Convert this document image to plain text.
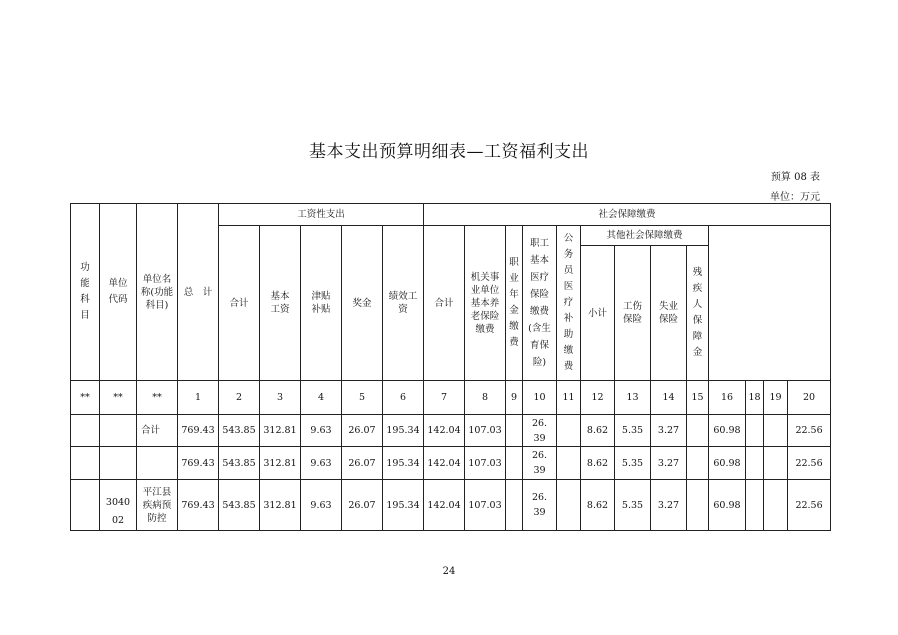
基本支出预算明细表—工资福利支出
预算 08 表
单位：万元
功能科目	单位代码	单位名称(功能科目)	总　计	工资性支出					社会保障缴费				
				合计	基本工资	津贴补贴	奖金	绩效工资	合计	机关事业单位基本养老保险缴费	职业年金缴费	职工基本医疗保险缴费(含生育保险)	公务员医疗补助缴费	其他社会保障缴费								
														小计	工伤保险	失业保险	残疾人保障金					
**	**	**	1	2	3	4	5	6	7	8	9	10	11	12	13	14	15	16	18	19	20	
		合计	769.43	543.85	312.81	9.63	26.07	195.34	142.04	107.03		26.39		8.62	5.35	3.27		60.98			22.56	
			769.43	543.85	312.81	9.63	26.07	195.34	142.04	107.03		26.39		8.62	5.35	3.27		60.98			22.56	
	304002	平江县疾病预防控	769.43	543.85	312.81	9.63	26.07	195.34	142.04	107.03		26.39		8.62	5.35	3.27		60.98			22.56	
24
